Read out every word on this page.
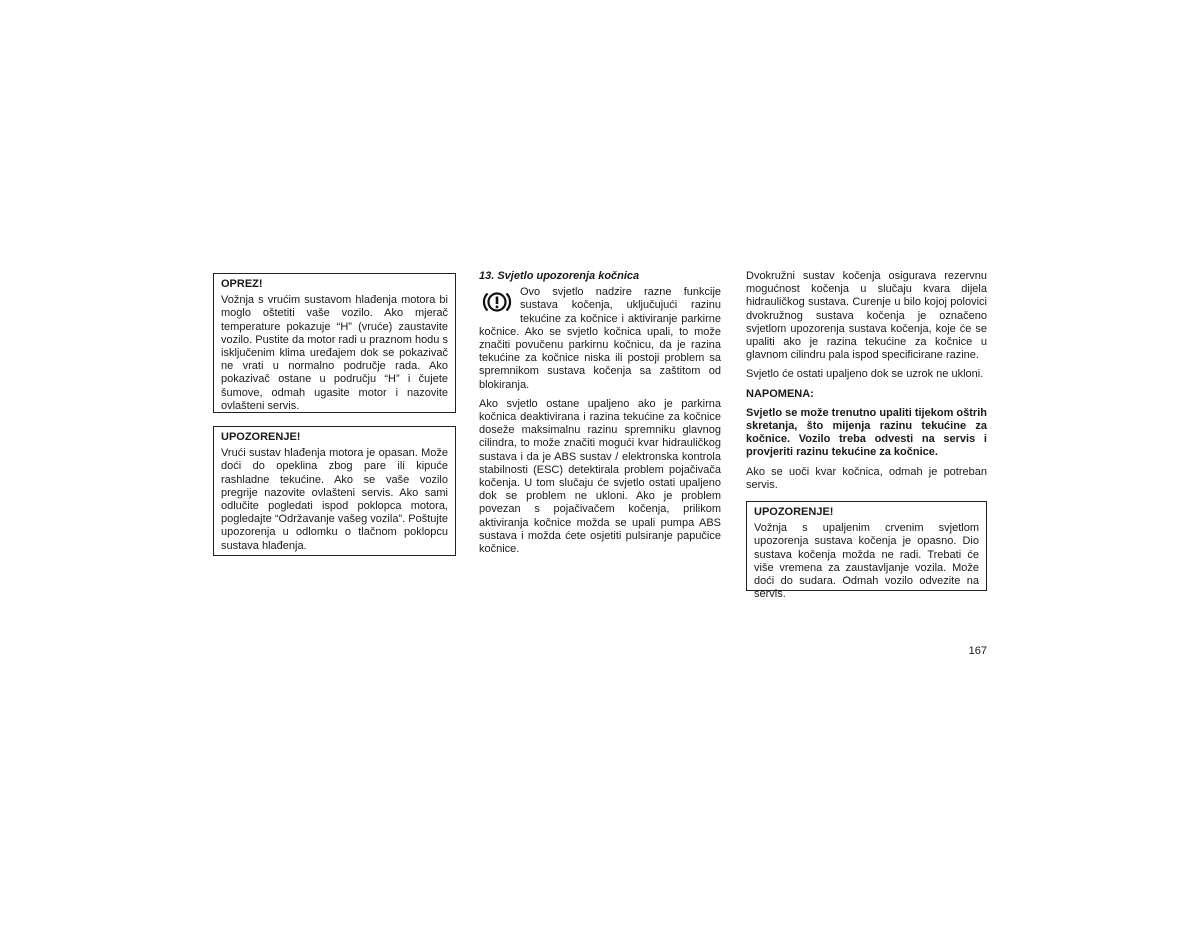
OPREZ!

Vožnja s vrućim sustavom hlađenja motora bi moglo oštetiti vaše vozilo. Ako mjerač temperature pokazuje “H” (vruće) zaustavite vozilo. Pustite da motor radi u praznom hodu s isključenim klima uređajem dok se pokazivač ne vrati u normalno područje rada. Ako pokazivač ostane u području “H” i čujete šumove, odmah ugasite motor i nazovite ovlašteni servis.

UPOZORENJE!

Vrući sustav hlađenja motora je opasan. Može doći do opeklina zbog pare ili kipuće rashladne tekućine. Ako se vaše vozilo pregrije nazovite ovlašteni servis. Ako sami odlučite pogledati ispod poklopca motora, pogledajte “Održavanje vašeg vozila”. Poštujte upozorenja u odlomku o tlačnom poklopcu sustava hlađenja.

13. Svjetlo upozorenja kočnica

Ovo svjetlo nadzire razne funkcije sustava kočenja, uključujući razinu tekućine za kočnice i aktiviranje parkirne kočnice. Ako se svjetlo kočnica upali, to može značiti povučenu parkirnu kočnicu, da je razina tekućine za kočnice niska ili postoji problem sa spremnikom sustava kočenja sa zaštitom od blokiranja.

Ako svjetlo ostane upaljeno ako je parkirna kočnica deaktivirana i razina tekućine za kočnice dosežе maksimalnu razinu spremniku glavnog cilindra, to može značiti mogući kvar hidrauličkog sustava i da je ABS sustav / elektronska kontrola stabilnosti (ESC) detektirala problem pojačivača kočenja. U tom slučaju će svjetlo ostati upaljeno dok se problem ne ukloni. Ako je problem povezan s pojačivačem kočenja, prilikom aktiviranja kočnice možda se upali pumpa ABS sustava i možda ćete osjetiti pulsiranje papučice kočnice.

Dvokružni sustav kočenja osigurava rezervnu mogućnost kočenja u slučaju kvara dijela hidrauličkog sustava. Curenje u bilo kojoj polovici dvokružnog sustava kočenja je označeno svjetlom upozorenja sustava kočenja, koje će se upaliti ako je razina tekućine za kočnice u glavnom cilindru pala ispod specificirane razine.

Svjetlo će ostati upaljeno dok se uzrok ne ukloni.

NAPOMENA:

Svjetlo se može trenutno upaliti tijekom oštrih skretanja, što mijenja razinu tekućine za kočnice. Vozilo treba odvesti na servis i provjeriti razinu tekućine za kočnice.

Ako se uoči kvar kočnica, odmah je potreban servis.

UPOZORENJE!

Vožnja s upaljenim crvenim svjetlom upozorenja sustava kočenja je opasno. Dio sustava kočenja možda ne radi. Trebati će više vremena za zaustavljanje vozila. Može doći do sudara. Odmah vozilo odvezite na servis.

167
